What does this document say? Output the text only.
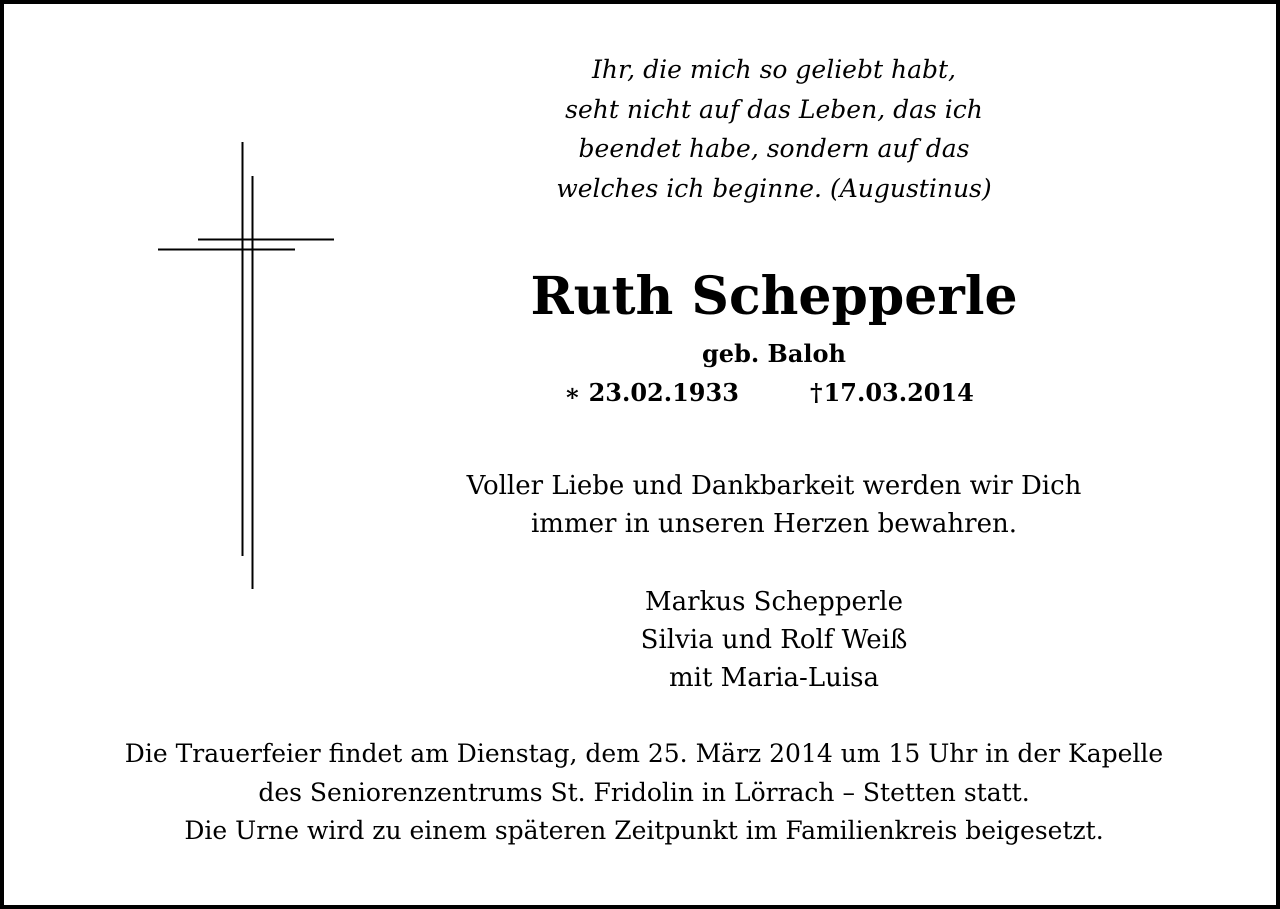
Ihr, die mich so geliebt habt,
seht nicht auf das Leben, das ich
beendet habe, sondern auf das
welches ich beginne. (Augustinus)
Ruth Schepperle
geb. Baloh
∗ 23.02.1933	†17.03.2014
Voller Liebe und Dankbarkeit werden wir Dich
immer in unseren Herzen bewahren.
Markus Schepperle
Silvia und Rolf Weiß
mit Maria-Luisa
Die Trauerfeier findet am Dienstag, dem 25. März 2014 um 15 Uhr in der Kapelle
des Seniorenzentrums St. Fridolin in Lörrach – Stetten statt.
Die Urne wird zu einem späteren Zeitpunkt im Familienkreis beigesetzt.
